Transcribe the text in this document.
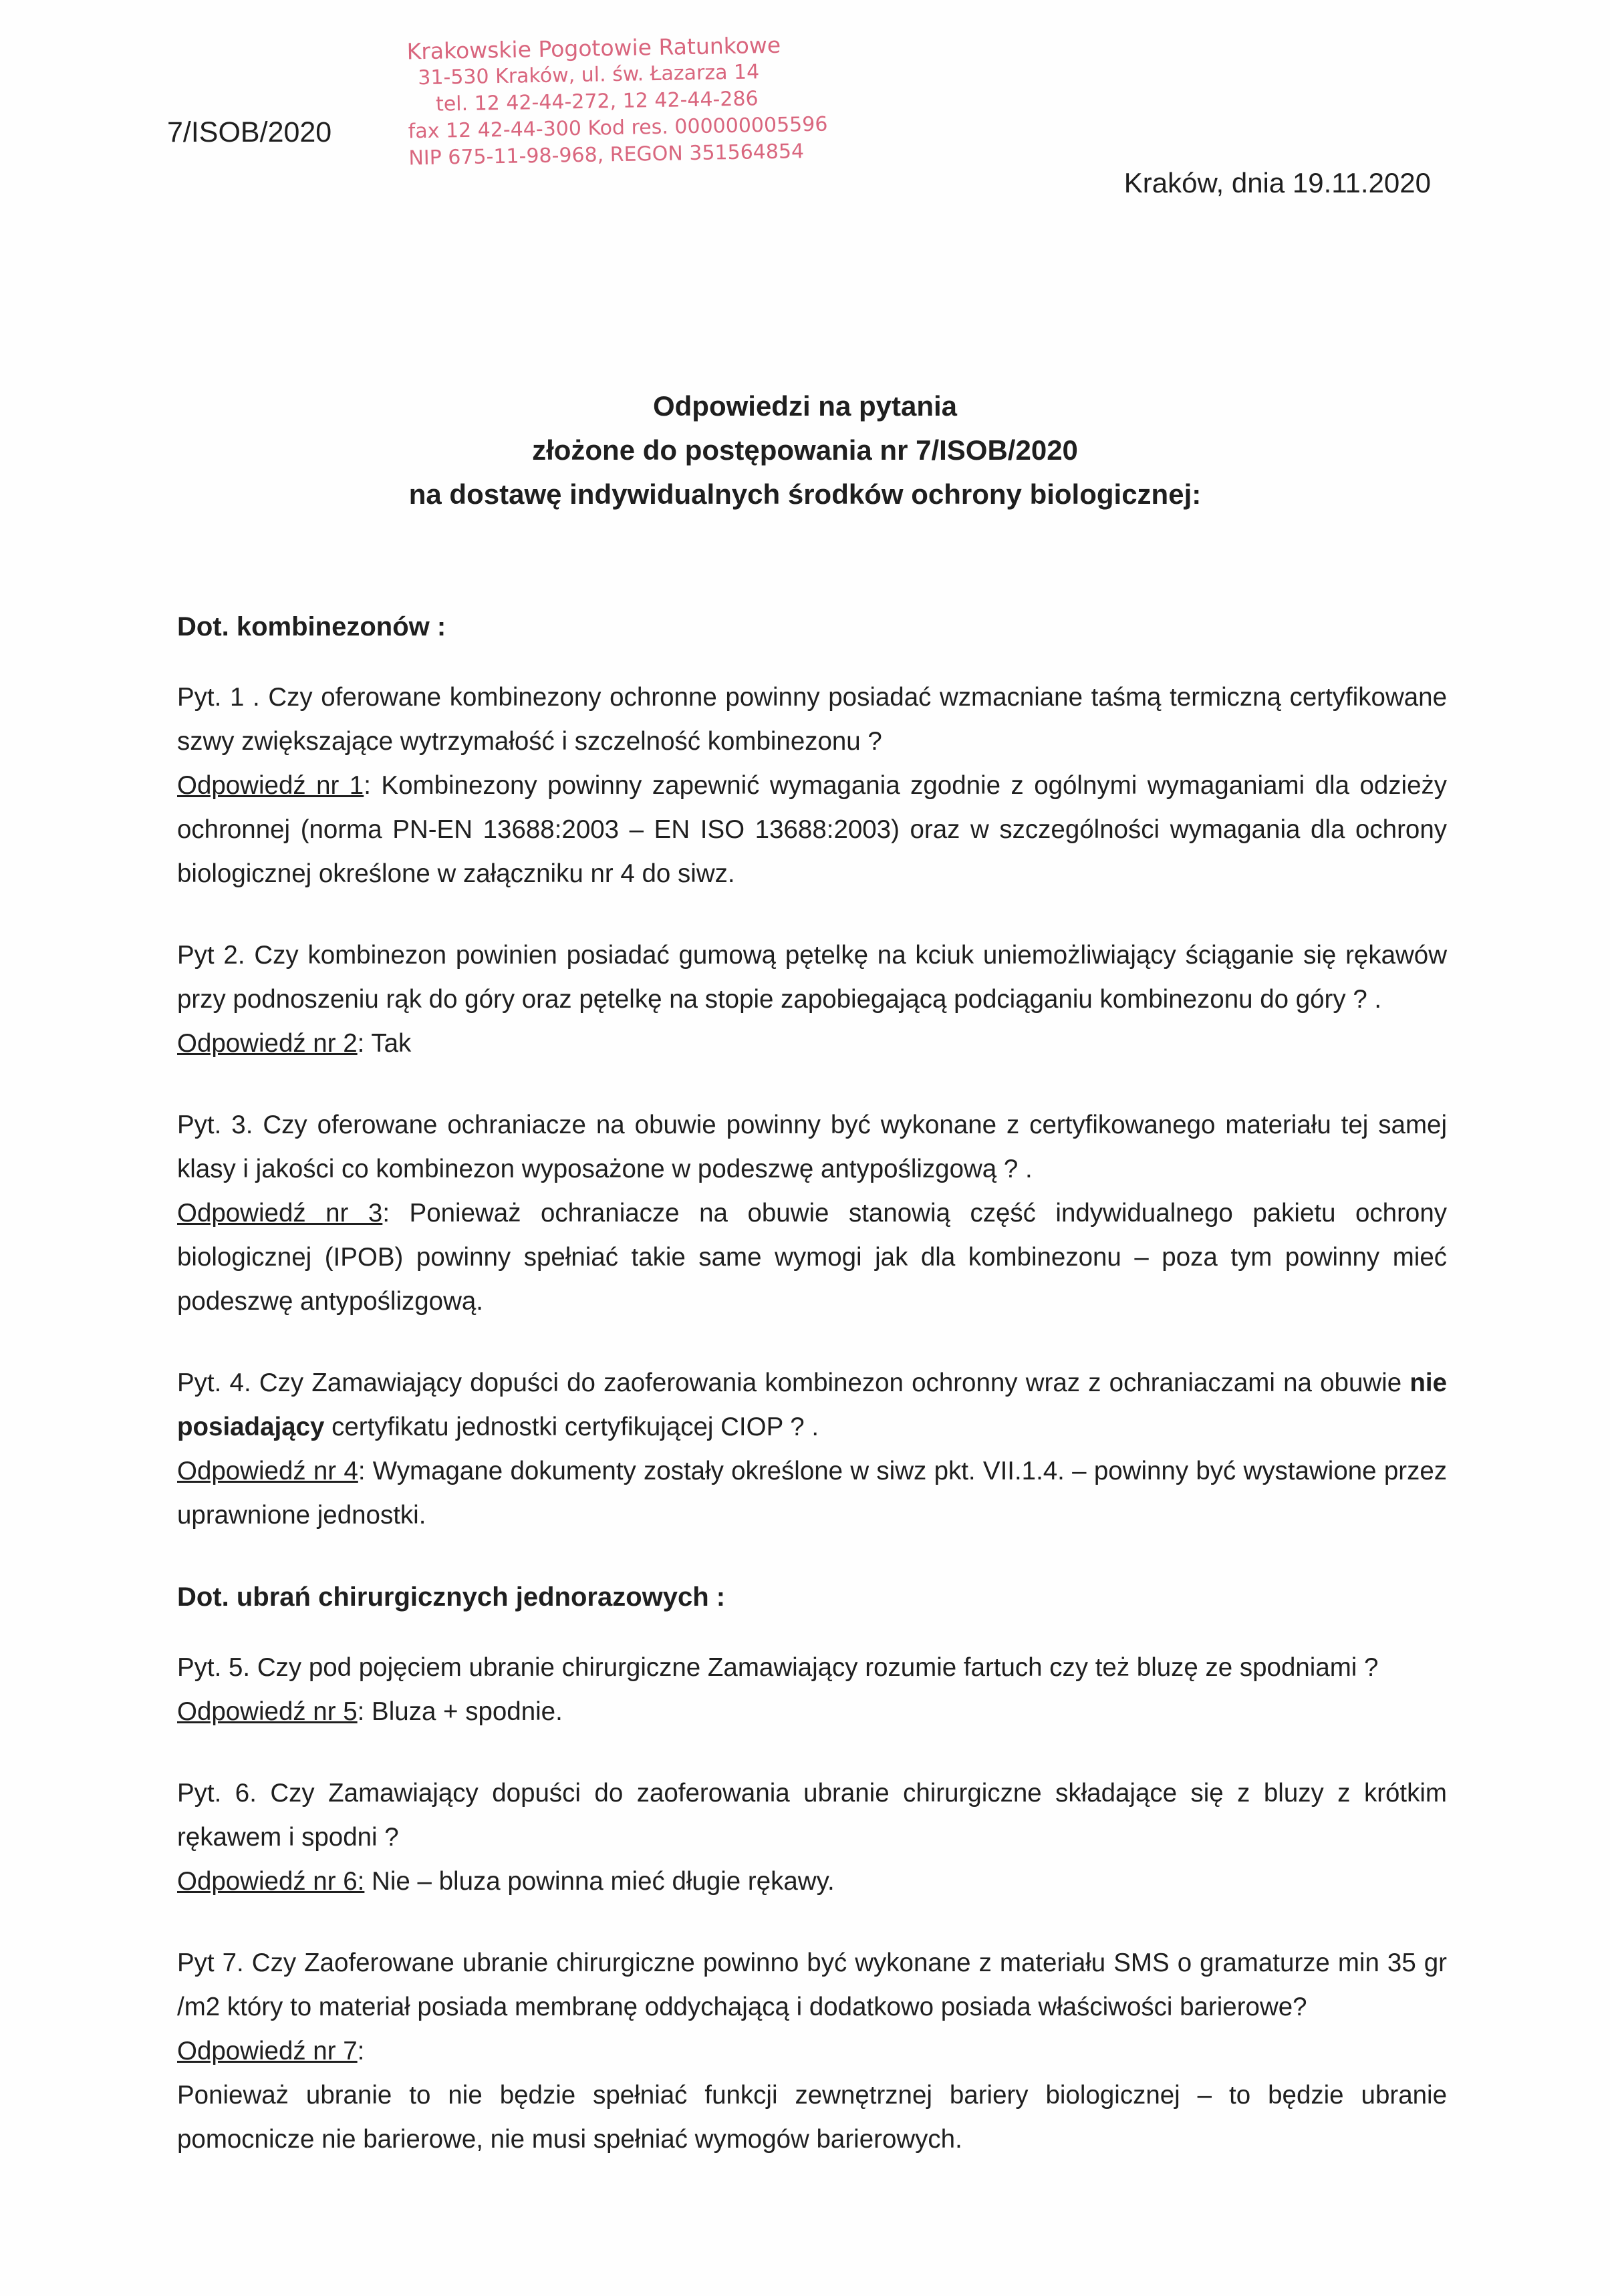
7/ISOB/2020
Krakowskie Pogotowie Ratunkowe
31-530 Kraków, ul. św. Łazarza 14
tel. 12 42-44-272, 12 42-44-286
fax 12 42-44-300 Kod res. 000000005596
NIP 675-11-98-968, REGON 351564854
Kraków, dnia 19.11.2020
Odpowiedzi na pytania
złożone do postępowania nr 7/ISOB/2020
na dostawę indywidualnych środków ochrony biologicznej:
Dot. kombinezonów :

Pyt. 1 . Czy oferowane kombinezony ochronne powinny posiadać wzmacniane taśmą termiczną certyfikowane szwy zwiększające wytrzymałość i szczelność kombinezonu ?

Odpowiedź nr 1: Kombinezony powinny zapewnić wymagania zgodnie z ogólnymi wymaganiami dla odzieży ochronnej (norma PN-EN 13688:2003 – EN ISO 13688:2003) oraz w szczególności wymagania dla ochrony biologicznej określone w załączniku nr 4 do siwz.

Pyt 2. Czy kombinezon powinien posiadać gumową pętelkę na kciuk uniemożliwiający ściąganie się rękawów przy podnoszeniu rąk do góry oraz pętelkę na stopie zapobiegającą podciąganiu kombinezonu do góry ? .

Odpowiedź nr 2: Tak

Pyt. 3. Czy oferowane ochraniacze na obuwie powinny być wykonane z certyfikowanego materiału tej samej klasy i jakości co kombinezon wyposażone w podeszwę antypoślizgową ? .

Odpowiedź nr 3: Ponieważ ochraniacze na obuwie stanowią część indywidualnego pakietu ochrony biologicznej (IPOB) powinny spełniać takie same wymogi jak dla kombinezonu – poza tym powinny mieć podeszwę antypoślizgową.

Pyt. 4. Czy Zamawiający dopuści do zaoferowania kombinezon ochronny wraz z ochraniaczami na obuwie nie posiadający certyfikatu jednostki certyfikującej CIOP ? .

Odpowiedź nr 4: Wymagane dokumenty zostały określone w siwz pkt. VII.1.4. – powinny być wystawione przez uprawnione jednostki.

Dot. ubrań chirurgicznych jednorazowych :

Pyt. 5. Czy pod pojęciem ubranie chirurgiczne Zamawiający rozumie fartuch czy też bluzę ze spodniami ?

Odpowiedź nr 5: Bluza + spodnie.

Pyt. 6. Czy Zamawiający dopuści do zaoferowania ubranie chirurgiczne składające się z bluzy z krótkim rękawem i spodni ?

Odpowiedź nr 6: Nie – bluza powinna mieć długie rękawy.

Pyt 7. Czy Zaoferowane ubranie chirurgiczne powinno być wykonane z materiału SMS o gramaturze min 35 gr /m2 który to materiał posiada membranę oddychającą i dodatkowo posiada właściwości barierowe?

Odpowiedź nr 7:

Ponieważ ubranie to nie będzie spełniać funkcji zewnętrznej bariery biologicznej – to będzie ubranie pomocnicze nie barierowe, nie musi spełniać wymogów barierowych.
